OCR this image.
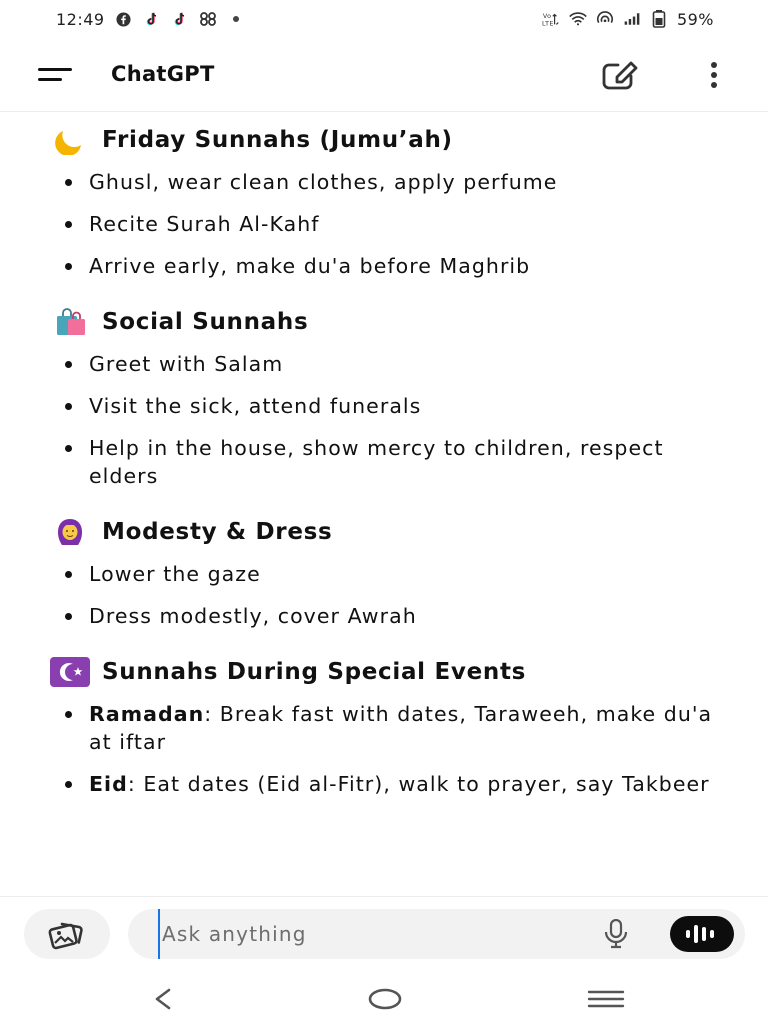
12:49	LTE
Vo	59%
ChatGPT
Friday Sunnahs (Jumu’ah)
Ghusl, wear clean clothes, apply perfume
Recite Surah Al-Kahf
Arrive early, make du'a before Maghrib
Social Sunnahs
Greet with Salam
Visit the sick, attend funerals
Help in the house, show mercy to children, respect elders
Modesty & Dress
Lower the gaze
Dress modestly, cover Awrah
Sunnahs During Special Events
Ramadan: Break fast with dates, Taraweeh, make du'a at iftar
Eid: Eat dates (Eid al-Fitr), walk to prayer, say Takbeer
Ask anything
